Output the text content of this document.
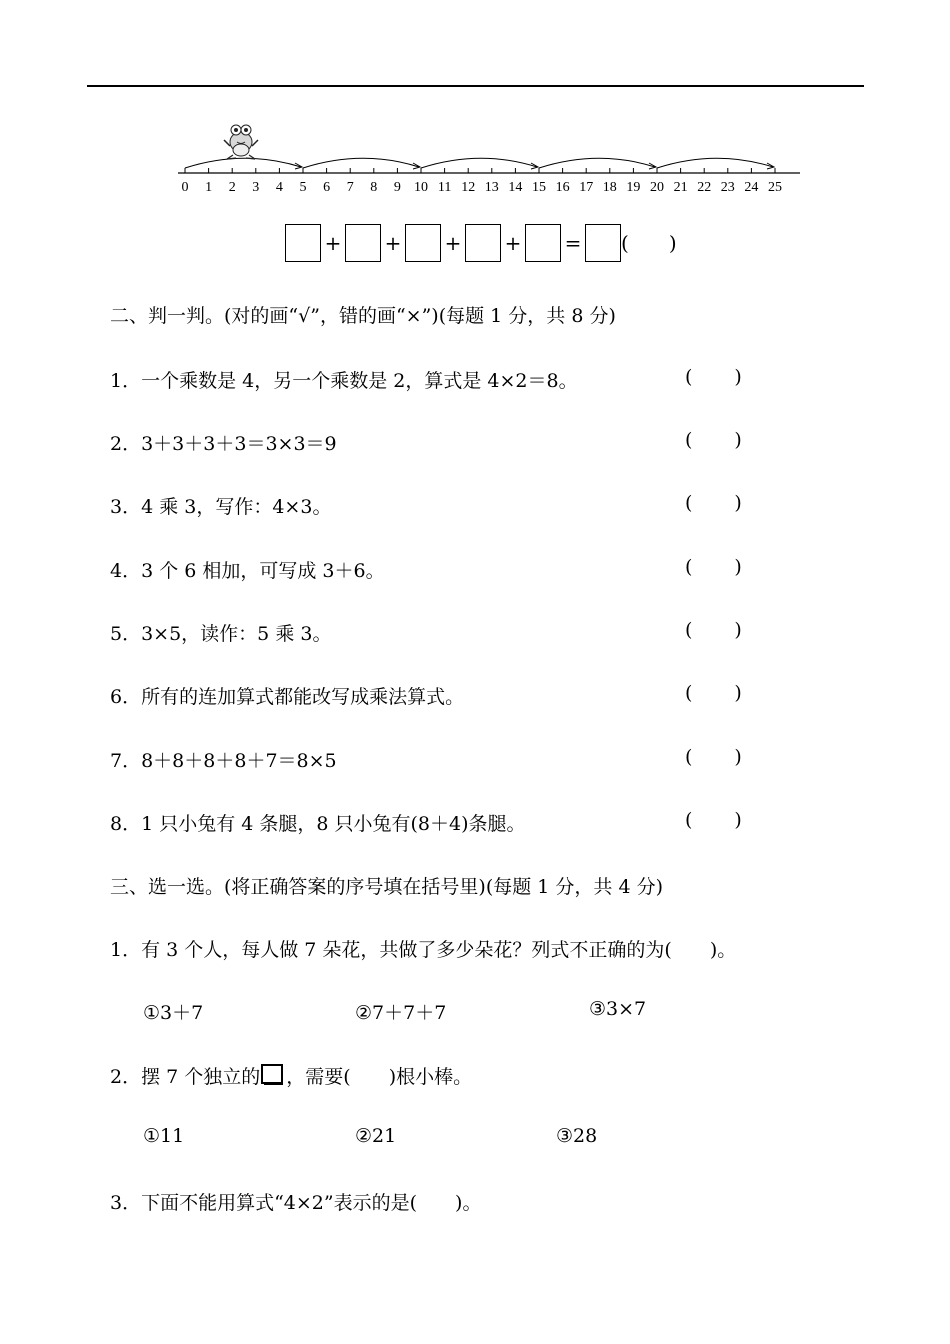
0 1 2 3 4 5 6 7 8 9 10 11 12 13 14 15 16 17 18 19 20 21 22 23 24 25
+ + + + = ( )
二、判一判。(对的画“√”，错的画“×”)(每题 1 分，共 8 分)
1．一个乘数是 4，另一个乘数是 2，算式是 4×2＝8。	( )
2．3＋3＋3＋3＝3×3＝9	( )
3．4 乘 3，写作：4×3。	( )
4．3 个 6 相加，可写成 3＋6。	( )
5．3×5，读作：5 乘 3。	( )
6．所有的连加算式都能改写成乘法算式。	( )
7．8＋8＋8＋8＋7＝8×5	( )
8．1 只小兔有 4 条腿，8 只小兔有(8＋4)条腿。	( )
三、选一选。(将正确答案的序号填在括号里)(每题 1 分，共 4 分)
1．有 3 个人，每人做 7 朵花，共做了多少朵花？列式不正确的为( )。
①3＋7	②7＋7＋7	③3×7
2．摆 7 个独立的 ，需要( )根小棒。
①11	②21	③28
3．下面不能用算式“4×2”表示的是( )。
